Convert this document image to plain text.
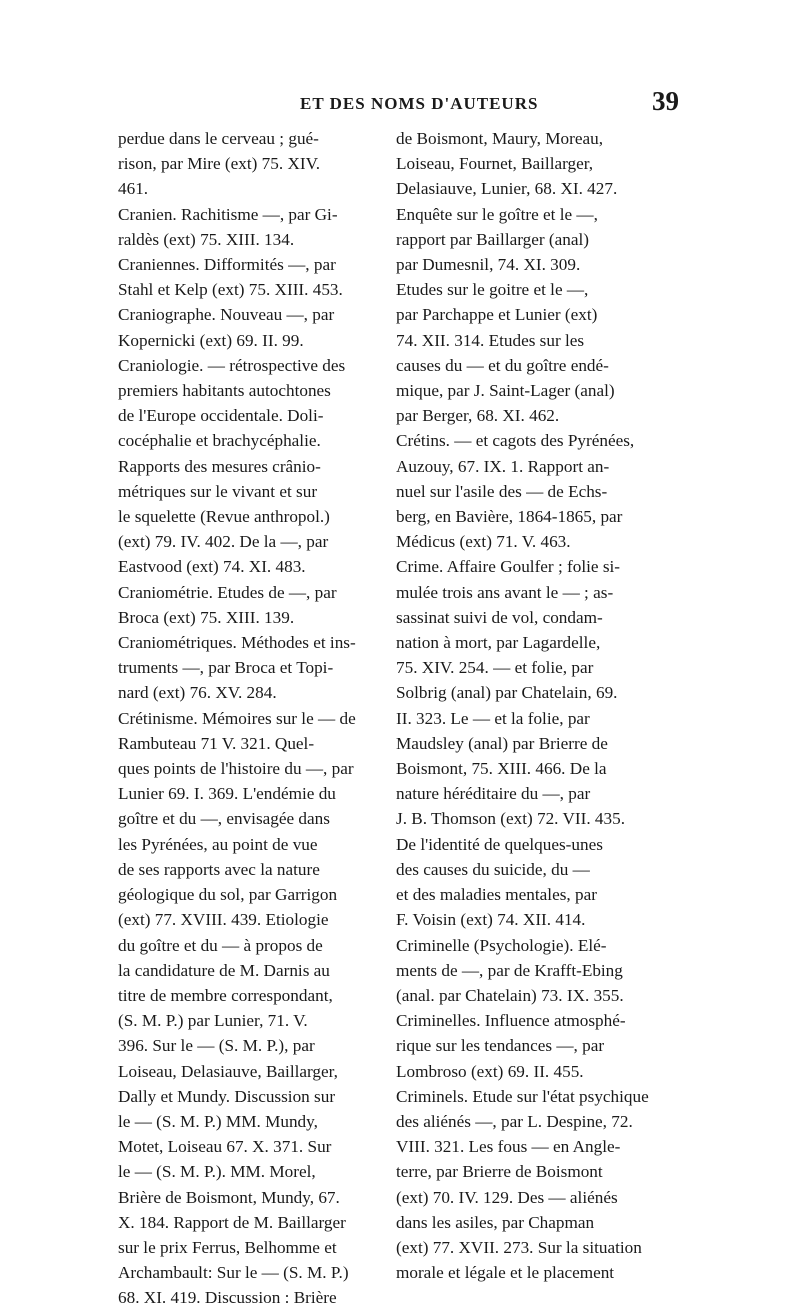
ET DES NOMS D'AUTEURS	39
perdue dans le cerveau ; gué-
rison, par Mire (ext) 75. XIV.
461.
Cranien. Rachitisme —, par Gi-
raldès (ext) 75. XIII. 134.
Craniennes. Difformités —, par
Stahl et Kelp (ext) 75. XIII. 453.
Craniographe. Nouveau —, par
Kopernicki (ext) 69. II. 99.
Craniologie. — rétrospective des
premiers habitants autochtones
de l'Europe occidentale. Doli-
cocéphalie et brachycéphalie.
Rapports des mesures crânio-
métriques sur le vivant et sur
le squelette (Revue anthropol.)
(ext) 79. IV. 402. De la —, par
Eastvood (ext) 74. XI. 483.
Craniométrie. Etudes de —, par
Broca (ext) 75. XIII. 139.
Craniométriques. Méthodes et ins-
truments —, par Broca et Topi-
nard (ext) 76. XV. 284.
Crétinisme. Mémoires sur le — de
Rambuteau 71 V. 321. Quel-
ques points de l'histoire du —, par
Lunier 69. I. 369. L'endémie du
goître et du —, envisagée dans
les Pyrénées, au point de vue
de ses rapports avec la nature
géologique du sol, par Garrigon
(ext) 77. XVIII. 439. Etiologie
du goître et du — à propos de
la candidature de M. Darnis au
titre de membre correspondant,
(S. M. P.) par Lunier, 71. V.
396. Sur le — (S. M. P.), par
Loiseau, Delasiauve, Baillarger,
Dally et Mundy. Discussion sur
le — (S. M. P.) MM. Mundy,
Motet, Loiseau 67. X. 371. Sur
le — (S. M. P.). MM. Morel,
Brière de Boismont, Mundy, 67.
X. 184. Rapport de M. Baillarger
sur le prix Ferrus, Belhomme et
Archambault: Sur le — (S. M. P.)
68. XI. 419. Discussion : Brière
de Boismont, Maury, Moreau,
Loiseau, Fournet, Baillarger,
Delasiauve, Lunier, 68. XI. 427.
Enquête sur le goître et le —,
rapport par Baillarger (anal)
par Dumesnil, 74. XI. 309.
Etudes sur le goitre et le —,
par Parchappe et Lunier (ext)
74. XII. 314. Etudes sur les
causes du — et du goître endé-
mique, par J. Saint-Lager (anal)
par Berger, 68. XI. 462.
Crétins. — et cagots des Pyrénées,
Auzouy, 67. IX. 1. Rapport an-
nuel sur l'asile des — de Echs-
berg, en Bavière, 1864-1865, par
Médicus (ext) 71. V. 463.
Crime. Affaire Goulfer ; folie si-
mulée trois ans avant le — ; as-
sassinat suivi de vol, condam-
nation à mort, par Lagardelle,
75. XIV. 254. — et folie, par
Solbrig (anal) par Chatelain, 69.
II. 323. Le — et la folie, par
Maudsley (anal) par Brierre de
Boismont, 75. XIII. 466. De la
nature héréditaire du —, par
J. B. Thomson (ext) 72. VII. 435.
De l'identité de quelques-unes
des causes du suicide, du —
et des maladies mentales, par
F. Voisin (ext) 74. XII. 414.
Criminelle (Psychologie). Elé-
ments de —, par de Krafft-Ebing
(anal. par Chatelain) 73. IX. 355.
Criminelles. Influence atmosphé-
rique sur les tendances —, par
Lombroso (ext) 69. II. 455.
Criminels. Etude sur l'état psychique
des aliénés —, par L. Despine, 72.
VIII. 321. Les fous — en Angle-
terre, par Brierre de Boismont
(ext) 70. IV. 129. Des — aliénés
dans les asiles, par Chapman
(ext) 77. XVII. 273. Sur la situation
morale et légale et le placement
